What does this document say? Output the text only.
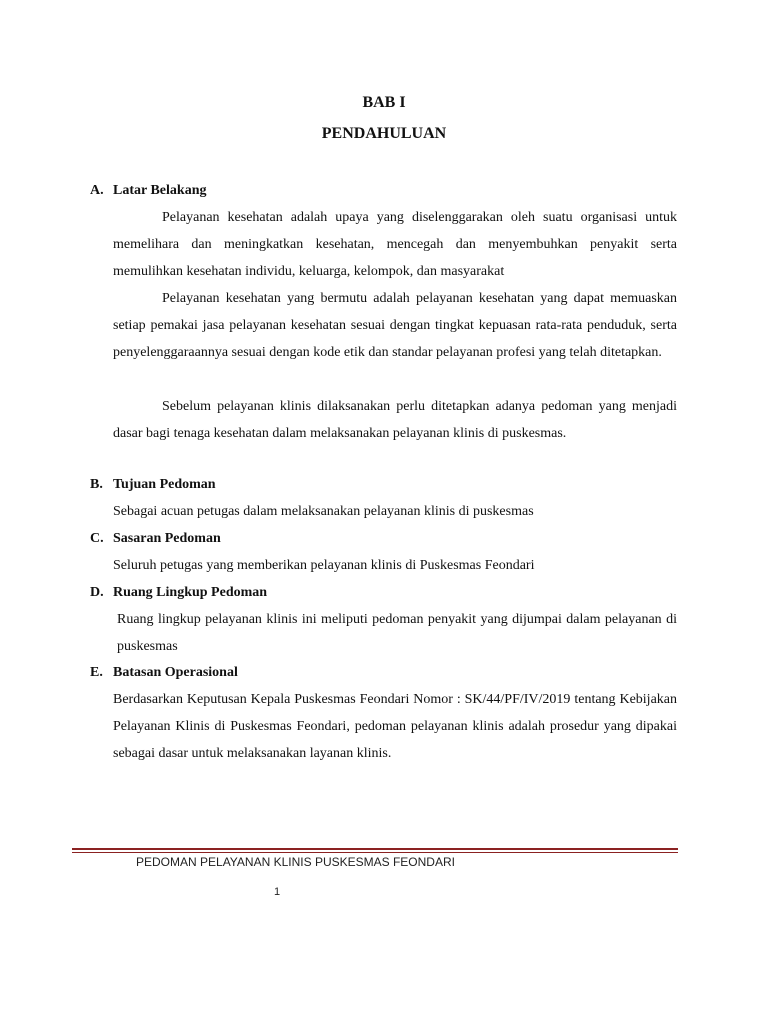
BAB I
PENDAHULUAN
A. Latar Belakang

Pelayanan kesehatan adalah upaya yang diselenggarakan oleh suatu organisasi untuk memelihara dan meningkatkan kesehatan, mencegah dan menyembuhkan penyakit serta memulihkan kesehatan individu, keluarga, kelompok, dan masyarakat

Pelayanan kesehatan yang bermutu adalah pelayanan kesehatan yang dapat memuaskan setiap pemakai jasa pelayanan kesehatan sesuai dengan tingkat kepuasan rata-rata penduduk, serta penyelenggaraannya sesuai dengan kode etik dan standar pelayanan profesi yang telah ditetapkan.

Sebelum pelayanan klinis dilaksanakan perlu ditetapkan adanya pedoman yang menjadi dasar bagi tenaga kesehatan dalam melaksanakan pelayanan klinis di puskesmas.

B. Tujuan Pedoman

Sebagai acuan petugas dalam melaksanakan pelayanan klinis di puskesmas

C. Sasaran Pedoman

Seluruh petugas yang memberikan pelayanan klinis di Puskesmas Feondari

D. Ruang Lingkup Pedoman

Ruang lingkup pelayanan klinis ini meliputi pedoman penyakit yang dijumpai dalam pelayanan di puskesmas

E. Batasan Operasional

Berdasarkan Keputusan Kepala Puskesmas Feondari Nomor : SK/44/PF/IV/2019 tentang Kebijakan Pelayanan Klinis di Puskesmas Feondari, pedoman pelayanan klinis adalah prosedur yang dipakai sebagai dasar untuk melaksanakan layanan klinis.

PEDOMAN PELAYANAN KLINIS PUSKESMAS FEONDARI
1
